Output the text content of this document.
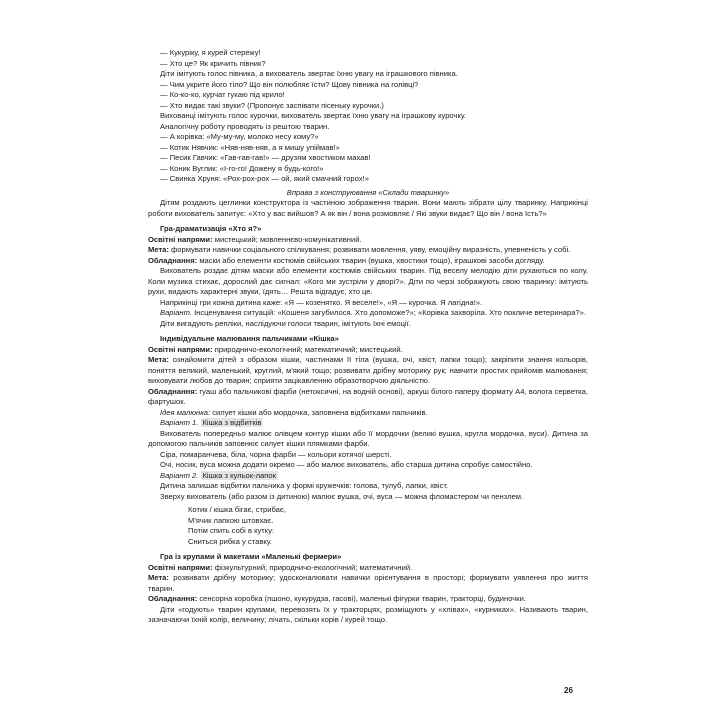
— Кукуріку, я курей стережу!

— Хто це? Як кричить півник?

Діти імітують голос півника, а вихователь звертає їхню увагу на іграшкового півника.

— Чим укрите його тіло? Що він полюбляє їсти? Щову півника на голівці?

— Ко-ко-ко, курчат гукаю під крило!

— Хто видає такі звуки? (Пропонує заспівати пісеньку курочки.)

Вихованці імітують голос курочки, вихователь звертає їхню увагу на іграшкову курочку.

Аналогічну роботу проводять із рештою тварин.

— А корівка: «Му-му-му, молоко несу кому?»

— Котик Нявчик: «Няв-няв-няв, а я мишу упіймав!»

— Песик Гавчик: «Гав-гав-гав!» — друзям хвостиком махав!

— Коник Вуглик: «І-го-го! Дожену я будь-кого!»

— Свинка Хруня: «Рох-рох-рох — ой, який смачний горох!»

Вправа з конструювання «Склади тваринку»

Дітям роздають цеглинки конструктора із частиною зображення тварин. Вони мають зібрати цілу тваринку. Наприкінці роботи вихователь запитує: «Хто у вас вийшов? А як він / вона розмовляє / Які звуки видає? Що він / вона їсть?»

Гра-драматизація «Хто я?»

Освітні напрями: мистецький; мовленнєво-комунікативний.

Мета: формувати навички соціального спілкування; розвивати мовлення, уяву, емоційну виразність, упевненість у собі.

Обладнання: маски або елементи костюмів свійських тварин (вушка, хвостики тощо), іграшкові засоби догляду.

Вихователь роздає дітям маски або елементи костюмів свійських тварин. Під веселу мелодію діти рухаються по колу. Коли музика стихає, дорослий дає сигнал: «Кого ми зустріли у дворі?». Діти по черзі зображують свою тваринку: імітують рухи, видають характерні звуки, їдять… Решта відгадує, хто це.

Наприкінці гри кожна дитина каже: «Я — козенятко. Я веселе!», «Я — курочка. Я лагідна!».

Варіант. Інсценування ситуацій: «Кошеня загубилося. Хто допоможе?»; «Корівка захворіла. Хто покличе ветеринара?».

Діти вигадують репліки, наслідуючи голоси тварин, імітують їхні емоції.

Індивідуальне малювання пальчиками «Кішка»

Освітні напрями: природничо-екологічний; математичний; мистецький.

Мета: ознайомити дітей з образом кішки, частинами її тіла (вушка, очі, хвіст, лапки тощо); закріпити знання кольорів, поняття великий, маленький, круглий, м'який тощо; розвивати дрібну моторику рук; навчити простих прийомів малювання; виховувати любов до тварин; сприяти зацікавленню образотворчою діяльністю.

Обладнання: гуаш або пальчикові фарби (нетоксичні, на водній основі), аркуш білого паперу формату А4, волога серветка, фартушок.

Ідея малюнка: силует кішки або мордочка, заповнена відбитками пальчиків.

Варіант 1. Кішка з відбитків

Вихователь попередньо малює олівцем контур кішки або її мордочки (великі вушка, кругла мордочка, вуси). Дитина за допомогою пальчиків заповнює силует кішки плямками фарби.

Сіра, помаранчева, біла, чорна фарби — кольори котячої шерсті.

Очі, носик, вуса можна додати окремо — або малює вихователь, або старша дитина спробує самостійно.

Варіант 2. Кішка з кульок-лапок

Дитина залишає відбитки пальчика у формі кружечків: голова, тулуб, лапки, хвіст.

Зверху вихователь (або разом із дитиною) малює вушка, очі, вуса — можна фломастером чи пензлем.

Котик / кішка бігає, стрибає,

М'ячик лапкою штовхає.

Потім спить собі в кутку:

Сниться рибка у ставку.

Гра із крупами й макетами «Маленькі фермери»

Освітні напрями: фізкультурний; природничо-екологічний; математичний.

Мета: розвивати дрібну моторику; удосконалювати навички орієнтування в просторі; формувати уявлення про життя тварин.

Обладнання: сенсорна коробка (пшоно, кукурудза, гасові), маленькі фігурки тварин, тракторці, будиночки.

Діти «годують» тварин крупами, перевозять їх у тракторцях, розміщують у «хлівах», «курниках». Називають тварин, зазначаючи їхній колір, величину; лічать, скільки корів / курей тощо.

26
